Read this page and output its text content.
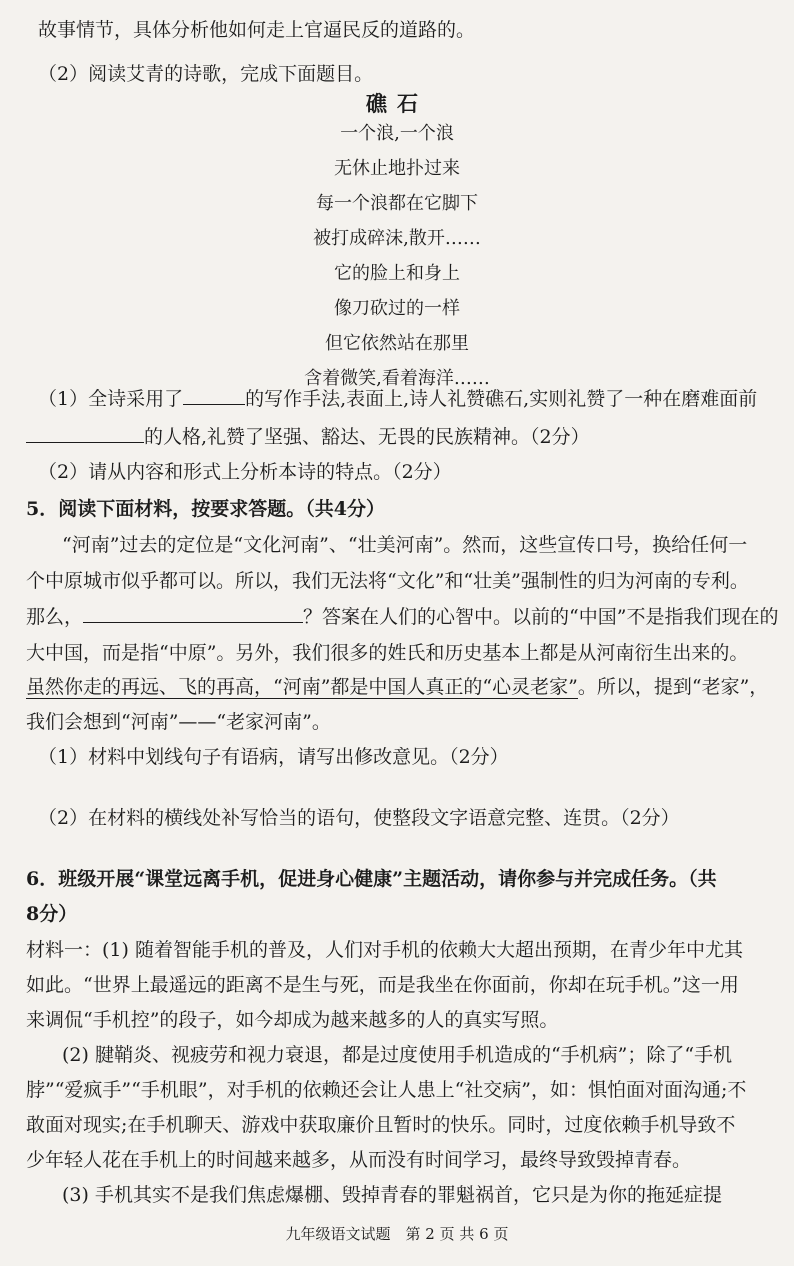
故事情节，具体分析他如何走上官逼民反的道路的。
（2）阅读艾青的诗歌，完成下面题目。
礁石
一个浪,一个浪
无休止地扑过来
每一个浪都在它脚下
被打成碎沫,散开……
它的脸上和身上
像刀砍过的一样
但它依然站在那里
含着微笑,看着海洋……
（1）全诗采用了	的写作手法,表面上,诗人礼赞礁石,实则礼赞了一种在磨难面前
的人格,礼赞了坚强、豁达、无畏的民族精神。（2分）
（2）请从内容和形式上分析本诗的特点。（2分）
5．阅读下面材料，按要求答题。（共4分）
“河南”过去的定位是“文化河南”、“壮美河南”。然而，这些宣传口号，换给任何一
个中原城市似乎都可以。所以，我们无法将“文化”和“壮美”强制性的归为河南的专利。
那么，	？答案在人们的心智中。以前的“中国”不是指我们现在的
大中国，而是指“中原”。另外，我们很多的姓氏和历史基本上都是从河南衍生出来的。
虽然你走的再远、飞的再高，“河南”都是中国人真正的“心灵老家”。所以，提到“老家”，
我们会想到“河南”——“老家河南”。
（1）材料中划线句子有语病，请写出修改意见。（2分）
（2）在材料的横线处补写恰当的语句，使整段文字语意完整、连贯。（2分）
6．班级开展“课堂远离手机，促进身心健康”主题活动，请你参与并完成任务。（共
8分）
材料一：(1) 随着智能手机的普及，人们对手机的依赖大大超出预期，在青少年中尤其
如此。“世界上最遥远的距离不是生与死，而是我坐在你面前，你却在玩手机。”这一用
来调侃“手机控”的段子，如今却成为越来越多的人的真实写照。
(2) 腱鞘炎、视疲劳和视力衰退，都是过度使用手机造成的“手机病”；除了“手机
脖”“爱疯手”“手机眼”，对手机的依赖还会让人患上“社交病”，如：惧怕面对面沟通;不
敢面对现实;在手机聊天、游戏中获取廉价且暂时的快乐。同时，过度依赖手机导致不
少年轻人花在手机上的时间越来越多，从而没有时间学习，最终导致毁掉青春。
(3) 手机其实不是我们焦虑爆棚、毁掉青春的罪魁祸首，它只是为你的拖延症提
九年级语文试题　第 2 页 共 6 页
